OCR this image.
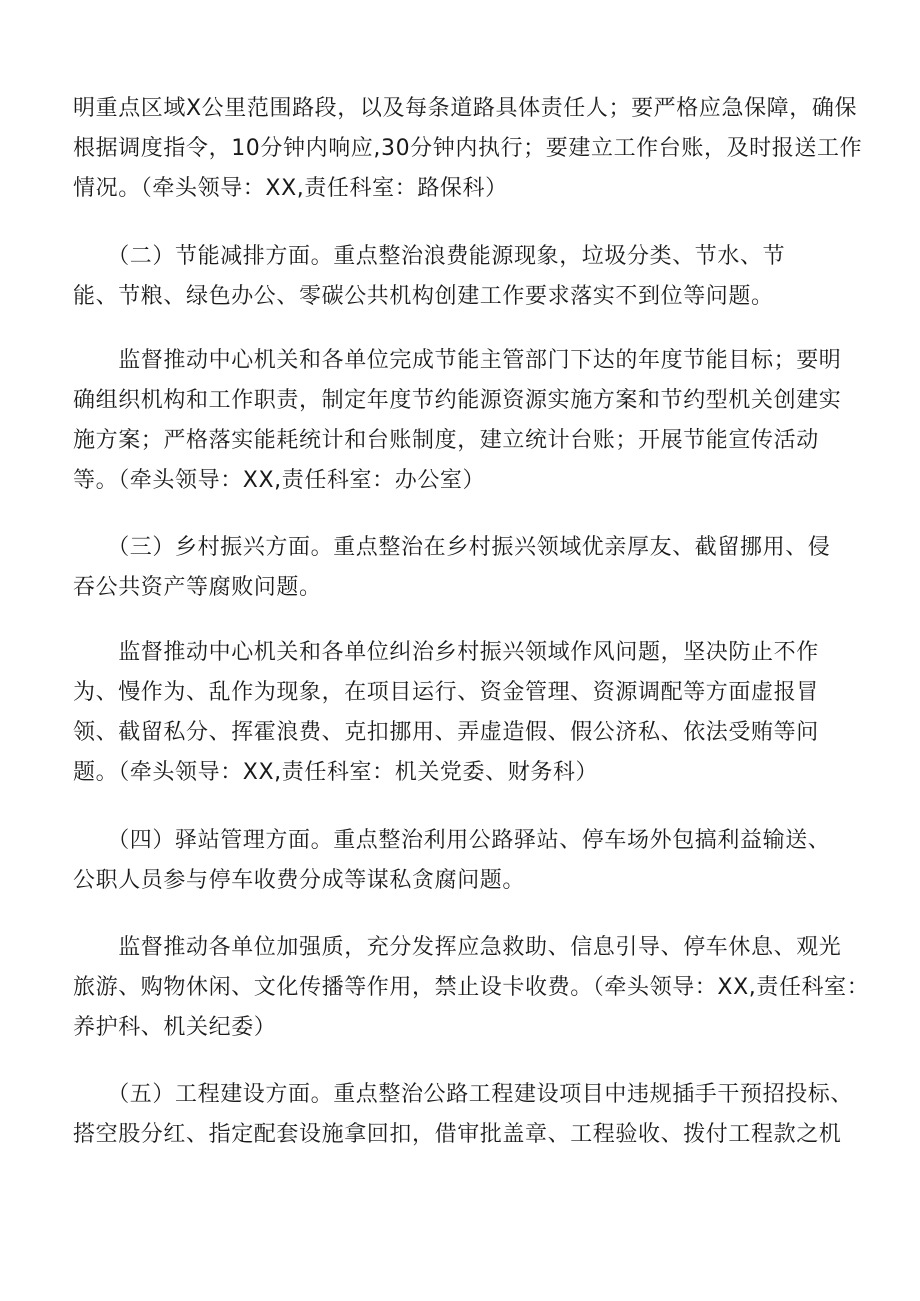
明重点区域X公里范围路段，以及每条道路具体责任人；要严格应急保障，确保
根据调度指令，10分钟内响应,30分钟内执行；要建立工作台账，及时报送工作
情况。（牵头领导：XX,责任科室：路保科）

　　（二）节能减排方面。重点整治浪费能源现象，垃圾分类、节水、节
能、节粮、绿色办公、零碳公共机构创建工作要求落实不到位等问题。

　　监督推动中心机关和各单位完成节能主管部门下达的年度节能目标；要明
确组织机构和工作职责，制定年度节约能源资源实施方案和节约型机关创建实
施方案；严格落实能耗统计和台账制度，建立统计台账；开展节能宣传活动
等。（牵头领导：XX,责任科室：办公室）

　　（三）乡村振兴方面。重点整治在乡村振兴领域优亲厚友、截留挪用、侵
吞公共资产等腐败问题。

　　监督推动中心机关和各单位纠治乡村振兴领域作风问题，坚决防止不作
为、慢作为、乱作为现象，在项目运行、资金管理、资源调配等方面虚报冒
领、截留私分、挥霍浪费、克扣挪用、弄虚造假、假公济私、依法受贿等问
题。（牵头领导：XX,责任科室：机关党委、财务科）

　　（四）驿站管理方面。重点整治利用公路驿站、停车场外包搞利益输送、
公职人员参与停车收费分成等谋私贪腐问题。

　　监督推动各单位加强质，充分发挥应急救助、信息引导、停车休息、观光
旅游、购物休闲、文化传播等作用，禁止设卡收费。（牵头领导：XX,责任科室：
养护科、机关纪委）

　　（五）工程建设方面。重点整治公路工程建设项目中违规插手干预招投标、
搭空股分红、指定配套设施拿回扣，借审批盖章、工程验收、拨付工程款之机
